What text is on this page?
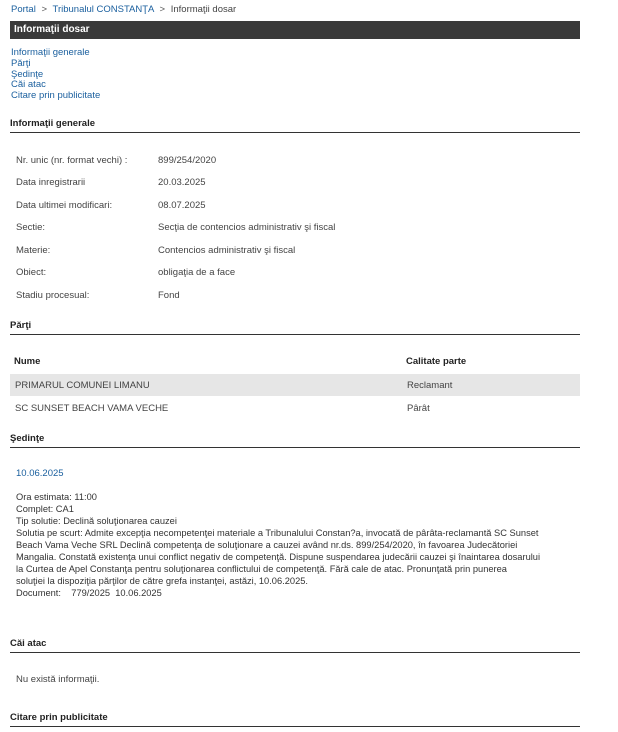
Portal > Tribunalul CONSTANŢA > Informaţii dosar
Informaţii dosar
Informaţii generale
Părţi
Şedinţe
Căi atac
Citare prin publicitate
Informaţii generale
Nr. unic (nr. format vechi) :	899/254/2020
Data inregistrarii	20.03.2025
Data ultimei modificari:	08.07.2025
Sectie:	Secţia de contencios administrativ şi fiscal
Materie:	Contencios administrativ şi fiscal
Obiect:	obligaţia de a face
Stadiu procesual:	Fond
Părţi
Nume	Calitate parte
PRIMARUL COMUNEI LIMANU	Reclamant
SC SUNSET BEACH VAMA VECHE	Pârât
Şedinţe
10.06.2025
Ora estimata: 11:00
Complet: CA1
Tip solutie: Declină soluţionarea cauzei
Solutia pe scurt: Admite excepţia necompetenţei materiale a Tribunalului Constan?a, invocată de pârâta-reclamantă SC Sunset
Beach Vama Veche SRL Declină competenţa de soluţionare a cauzei având nr.ds. 899/254/2020, în favoarea Judecătoriei
Mangalia. Constată existenţa unui conflict negativ de competenţă. Dispune suspendarea judecării cauzei şi înaintarea dosarului
la Curtea de Apel Constanţa pentru soluţionarea conflictului de competenţă. Fără cale de atac. Pronunţată prin punerea
soluţiei la dispoziţia părţilor de către grefa instanţei, astăzi, 10.06.2025.
Document:    779/2025  10.06.2025
Căi atac
Nu există informaţii.
Citare prin publicitate
